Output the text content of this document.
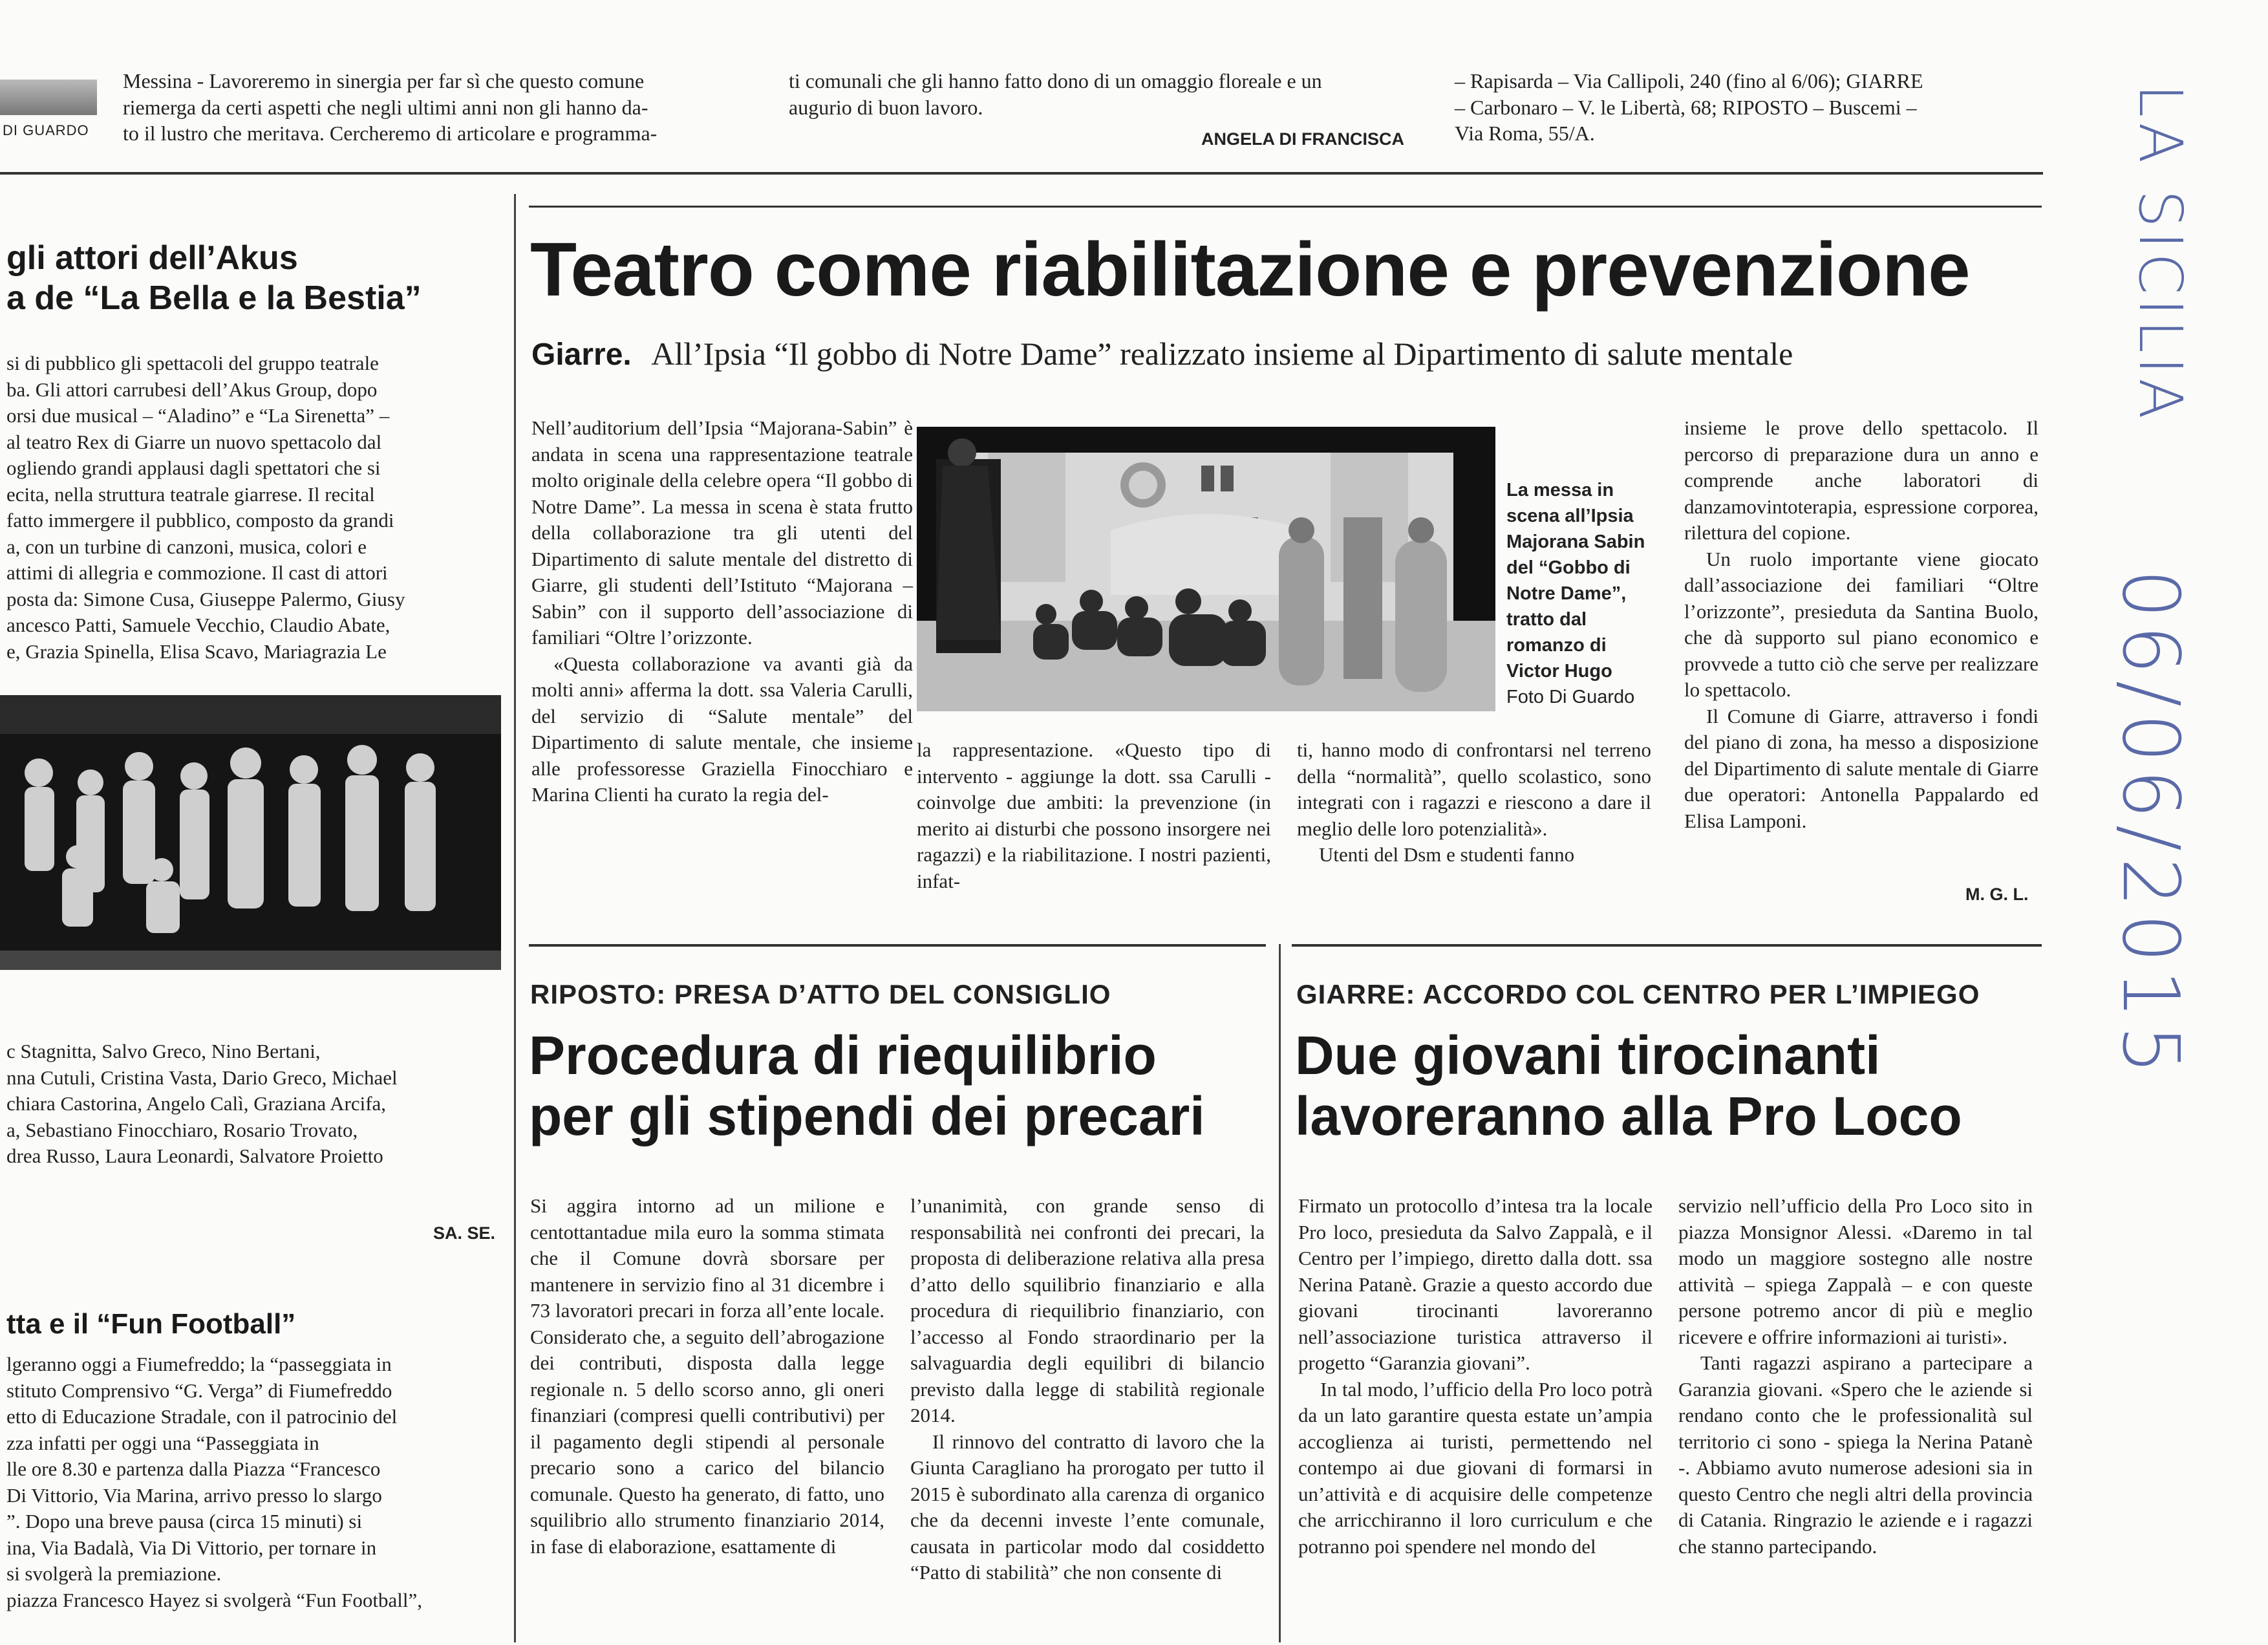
DI GUARDO

Messina - Lavoreremo in sinergia per far sì che questo comune

riemerga da certi aspetti che negli ultimi anni non gli hanno da-

to il lustro che meritava. Cercheremo di articolare e programma-

ti comunali che gli hanno fatto dono di un omaggio floreale e un

augurio di buon lavoro.

ANGELA DI FRANCISCA

– Rapisarda – Via Callipoli, 240 (fino al 6/06); GIARRE

– Carbonaro – V. le Libertà, 68; RIPOSTO – Buscemi –

Via Roma, 55/A.

gli attori dell’Akus
a de “La Bella e la Bestia”

si di pubblico gli spettacoli del gruppo teatrale

ba. Gli attori carrubesi dell’Akus Group, dopo

orsi due musical – “Aladino” e “La Sirenetta” –

al teatro Rex di Giarre un nuovo spettacolo dal

ogliendo grandi applausi dagli spettatori che si

ecita, nella struttura teatrale giarrese. Il recital

fatto immergere il pubblico, composto da grandi

a, con un turbine di canzoni, musica, colori e

attimi di allegria e commozione. Il cast di attori

posta da: Simone Cusa, Giuseppe Palermo, Giusy

ancesco Patti, Samuele Vecchio, Claudio Abate,

e, Grazia Spinella, Elisa Scavo, Mariagrazia Le

c Stagnitta, Salvo Greco, Nino Bertani,

nna Cutuli, Cristina Vasta, Dario Greco, Michael

chiara Castorina, Angelo Calì, Graziana Arcifa,

a, Sebastiano Finocchiaro, Rosario Trovato,

drea Russo, Laura Leonardi, Salvatore Proietto

SA. SE.
tta e il “Fun Football”

lgeranno oggi a Fiumefreddo; la “passeggiata in

stituto Comprensivo “G. Verga” di Fiumefreddo

etto di Educazione Stradale, con il patrocinio del

zza infatti per oggi una “Passeggiata in

lle ore 8.30 e partenza dalla Piazza “Francesco

Di Vittorio, Via Marina, arrivo presso lo slargo

”. Dopo una breve pausa (circa 15 minuti) si

ina, Via Badalà, Via Di Vittorio, per tornare in

si svolgerà la premiazione.

piazza Francesco Hayez si svolgerà “Fun Football”,

Teatro come riabilitazione e prevenzione
Giarre. All’Ipsia “Il gobbo di Notre Dame” realizzato insieme al Dipartimento di salute mentale

Nell’auditorium dell’Ipsia “Majorana-Sabin” è andata in scena una rappresentazione teatrale molto originale della celebre opera “Il gobbo di Notre Dame”. La messa in scena è stata frutto della collaborazione tra gli utenti del Dipartimento di salute mentale del distretto di Giarre, gli studenti dell’Istituto “Majorana –Sabin” con il supporto dell’associazione di familiari “Oltre l’orizzonte.

«Questa collaborazione va avanti già da molti anni» afferma la dott. ssa Valeria Carulli, del servizio di “Salute mentale” del Dipartimento di salute mentale, che insieme alle professoresse Graziella Finocchiaro e Marina Clienti ha curato la regia del-

La messa in
scena all’Ipsia
Majorana Sabin
del “Gobbo di
Notre Dame”,
tratto dal
romanzo di
Victor Hugo
Foto Di Guardo

la rappresentazione. «Questo tipo di intervento - aggiunge la dott. ssa Carulli - coinvolge due ambiti: la prevenzione (in merito ai disturbi che possono insorgere nei ragazzi) e la riabilitazione. I nostri pazienti, infat-

ti, hanno modo di confrontarsi nel terreno della “normalità”, quello scolastico, sono integrati con i ragazzi e riescono a dare il meglio delle loro potenzialità».

Utenti del Dsm e studenti fanno

insieme le prove dello spettacolo. Il percorso di preparazione dura un anno e comprende anche laboratori di danzamovintoterapia, espressione corporea, rilettura del copione.

Un ruolo importante viene giocato dall’associazione dei familiari “Oltre l’orizzonte”, presieduta da Santina Buolo, che dà supporto sul piano economico e provvede a tutto ciò che serve per realizzare lo spettacolo.

Il Comune di Giarre, attraverso i fondi del piano di zona, ha messo a disposizione del Dipartimento di salute mentale di Giarre due operatori: Antonella Pappalardo ed Elisa Lamponi.

M. G. L.
RIPOSTO: PRESA D’ATTO DEL CONSIGLIO
Procedura di riequilibrio
per gli stipendi dei precari

Si aggira intorno ad un milione e centottantadue mila euro la somma stimata che il Comune dovrà sborsare per mantenere in servizio fino al 31 dicembre i 73 lavoratori precari in forza all’ente locale. Considerato che, a seguito dell’abrogazione dei contributi, disposta dalla legge regionale n. 5 dello scorso anno, gli oneri finanziari (compresi quelli contributivi) per il pagamento degli stipendi al personale precario sono a carico del bilancio comunale. Questo ha generato, di fatto, uno squilibrio allo strumento finanziario 2014, in fase di elaborazione, esattamente di

l’unanimità, con grande senso di responsabilità nei confronti dei precari, la proposta di deliberazione relativa alla presa d’atto dello squilibrio finanziario e alla procedura di riequilibrio finanziario, con l’accesso al Fondo straordinario per la salvaguardia degli equilibri di bilancio previsto dalla legge di stabilità regionale 2014.

Il rinnovo del contratto di lavoro che la Giunta Caragliano ha prorogato per tutto il 2015 è subordinato alla carenza di organico che da decenni investe l’ente comunale, causata in particolar modo dal cosiddetto “Patto di stabilità” che non consente di

GIARRE: ACCORDO COL CENTRO PER L’IMPIEGO
Due giovani tirocinanti
lavoreranno alla Pro Loco

Firmato un protocollo d’intesa tra la locale Pro loco, presieduta da Salvo Zappalà, e il Centro per l’impiego, diretto dalla dott. ssa Nerina Patanè. Grazie a questo accordo due giovani tirocinanti lavoreranno nell’associazione turistica attraverso il progetto “Garanzia giovani”.

In tal modo, l’ufficio della Pro loco potrà da un lato garantire questa estate un’ampia accoglienza ai turisti, permettendo nel contempo ai due giovani di formarsi in un’attività e di acquisire delle competenze che arricchiranno il loro curriculum e che potranno poi spendere nel mondo del

servizio nell’ufficio della Pro Loco sito in piazza Monsignor Alessi. «Daremo in tal modo un maggiore sostegno alle nostre attività – spiega Zappalà – e con queste persone potremo ancor di più e meglio ricevere e offrire informazioni ai turisti».

Tanti ragazzi aspirano a partecipare a Garanzia giovani. «Spero che le aziende si rendano conto che le professionalità sul territorio ci sono - spiega la Nerina Patanè -. Abbiamo avuto numerose adesioni sia in questo Centro che negli altri della provincia di Catania. Ringrazio le aziende e i ragazzi che stanno partecipando.

LA SICILIA
06/06/2015
